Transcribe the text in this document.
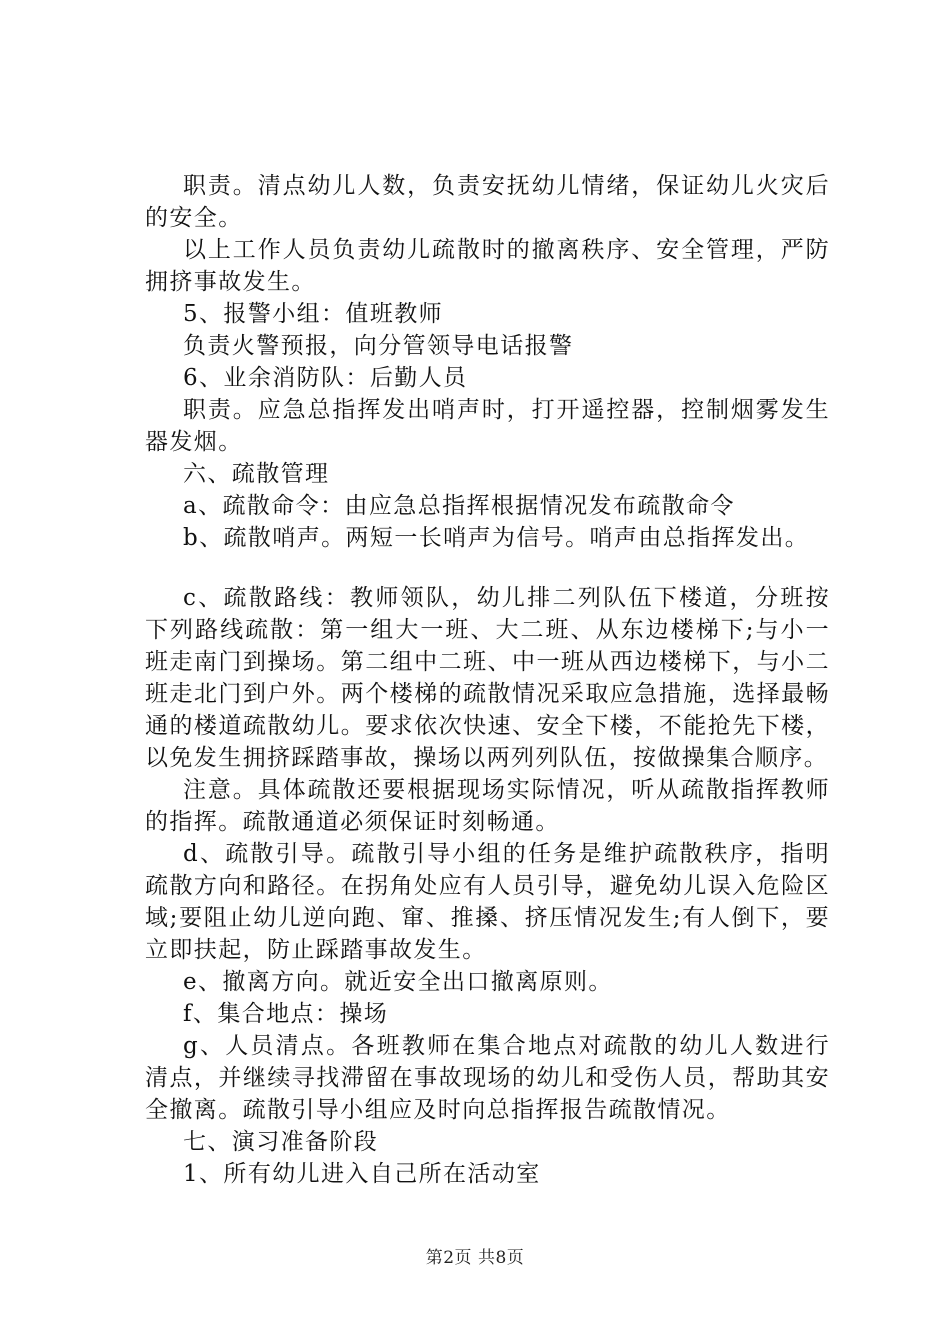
职责。清点幼儿人数，负责安抚幼儿情绪，保证幼儿火灾后的安全。

以上工作人员负责幼儿疏散时的撤离秩序、安全管理，严防拥挤事故发生。

5、报警小组：值班教师

负责火警预报，向分管领导电话报警

6、业余消防队：后勤人员

职责。应急总指挥发出哨声时，打开遥控器，控制烟雾发生器发烟。

六、疏散管理

a、疏散命令：由应急总指挥根据情况发布疏散命令

b、疏散哨声。两短一长哨声为信号。哨声由总指挥发出。

c、疏散路线：教师领队，幼儿排二列队伍下楼道，分班按下列路线疏散：第一组大一班、大二班、从东边楼梯下;与小一班走南门到操场。第二组中二班、中一班从西边楼梯下，与小二班走北门到户外。两个楼梯的疏散情况采取应急措施，选择最畅通的楼道疏散幼儿。要求依次快速、安全下楼，不能抢先下楼，以免发生拥挤踩踏事故，操场以两列列队伍，按做操集合顺序。

注意。具体疏散还要根据现场实际情况，听从疏散指挥教师的指挥。疏散通道必须保证时刻畅通。

d、疏散引导。疏散引导小组的任务是维护疏散秩序，指明疏散方向和路径。在拐角处应有人员引导，避免幼儿误入危险区域;要阻止幼儿逆向跑、窜、推搡、挤压情况发生;有人倒下，要立即扶起，防止踩踏事故发生。

e、撤离方向。就近安全出口撤离原则。

f、集合地点：操场

g、人员清点。各班教师在集合地点对疏散的幼儿人数进行清点，并继续寻找滞留在事故现场的幼儿和受伤人员，帮助其安全撤离。疏散引导小组应及时向总指挥报告疏散情况。

七、演习准备阶段

1、所有幼儿进入自己所在活动室

第2页 共8页
